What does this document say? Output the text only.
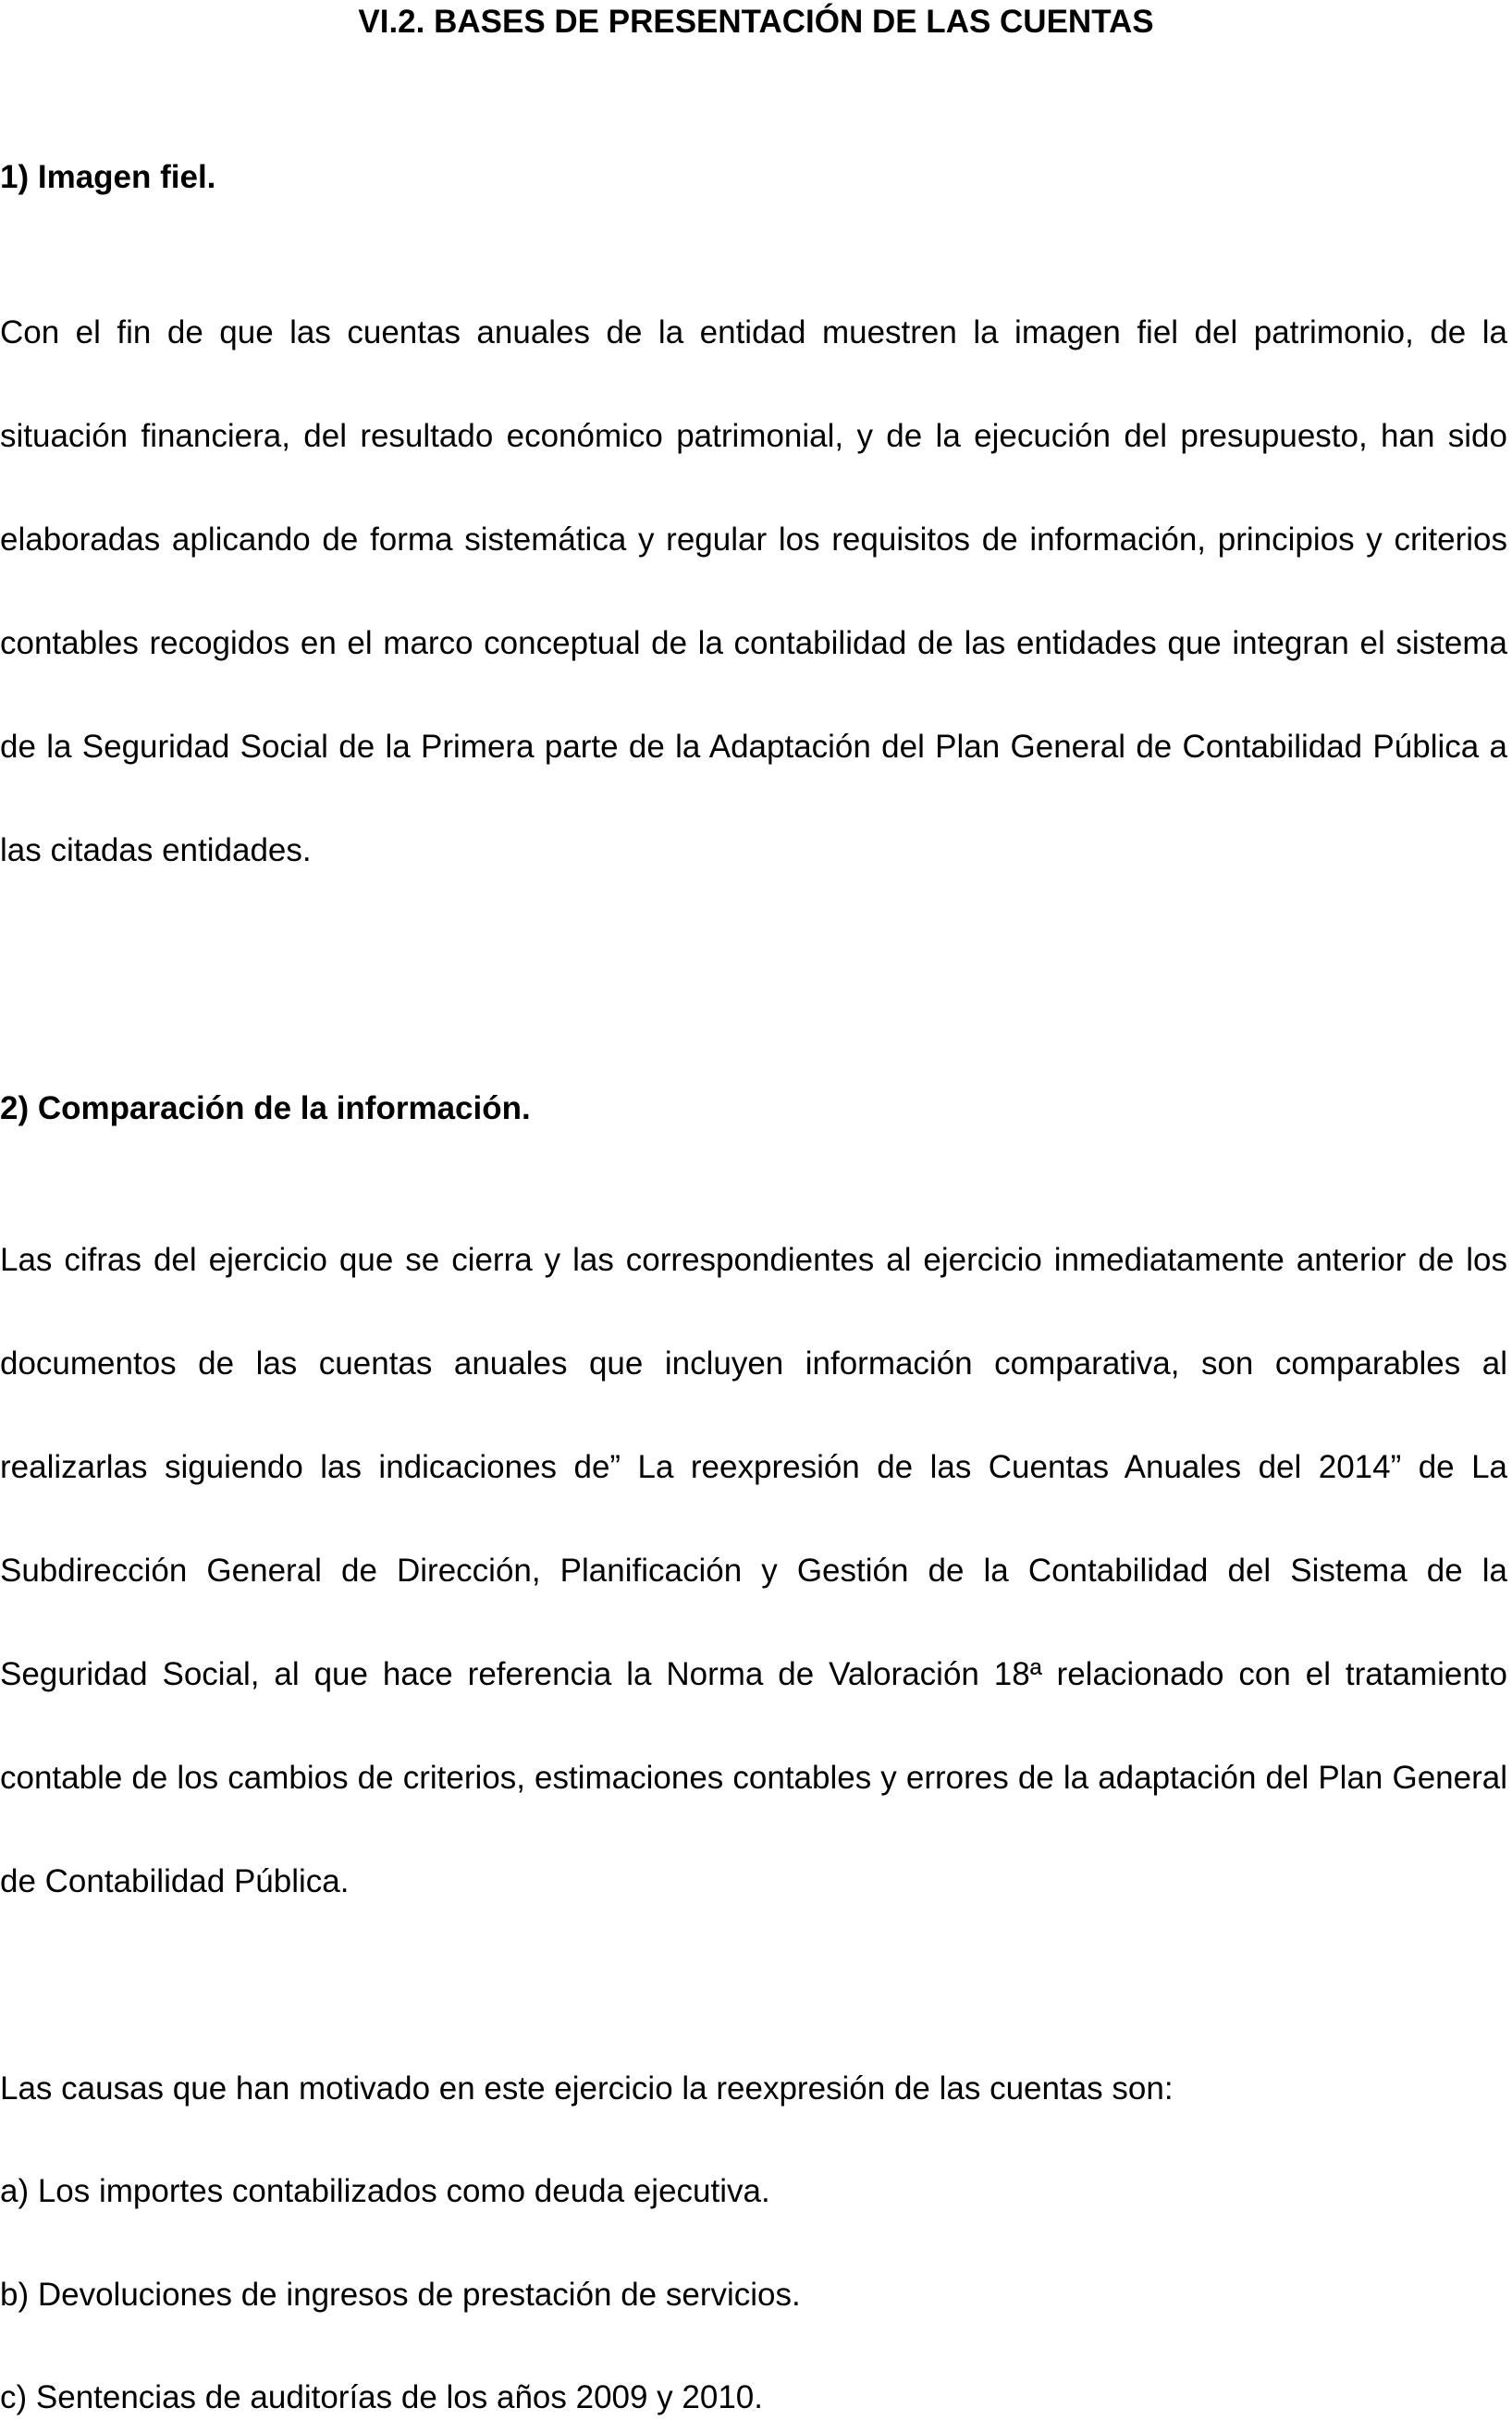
VI.2. BASES DE PRESENTACIÓN DE LAS CUENTAS
1) Imagen fiel.

Con el fin de que las cuentas anuales de la entidad muestren la imagen fiel del patrimonio, de la situación financiera, del resultado económico patrimonial, y de la ejecución del presupuesto, han sido elaboradas aplicando de forma sistemática y regular los requisitos de información, principios y criterios contables recogidos en el marco conceptual de la contabilidad de las entidades que integran el sistema de la Seguridad Social de la Primera parte de la Adaptación del Plan General de Contabilidad Pública a las citadas entidades.

2) Comparación de la información.

Las cifras del ejercicio que se cierra y las correspondientes al ejercicio inmediatamente anterior de los documentos de las cuentas anuales que incluyen información comparativa, son comparables al realizarlas siguiendo las indicaciones de” La reexpresión de las Cuentas Anuales del 2014” de La Subdirección General de Dirección, Planificación y Gestión de la Contabilidad del Sistema de la Seguridad Social, al que hace referencia la Norma de Valoración 18ª relacionado con el tratamiento contable de los cambios de criterios, estimaciones contables y errores de la adaptación del Plan General de Contabilidad Pública.

Las causas que han motivado en este ejercicio la reexpresión de las cuentas son:

a) Los importes contabilizados como deuda ejecutiva.

b) Devoluciones de ingresos de prestación de servicios.

c) Sentencias de auditorías de los años 2009 y 2010.
